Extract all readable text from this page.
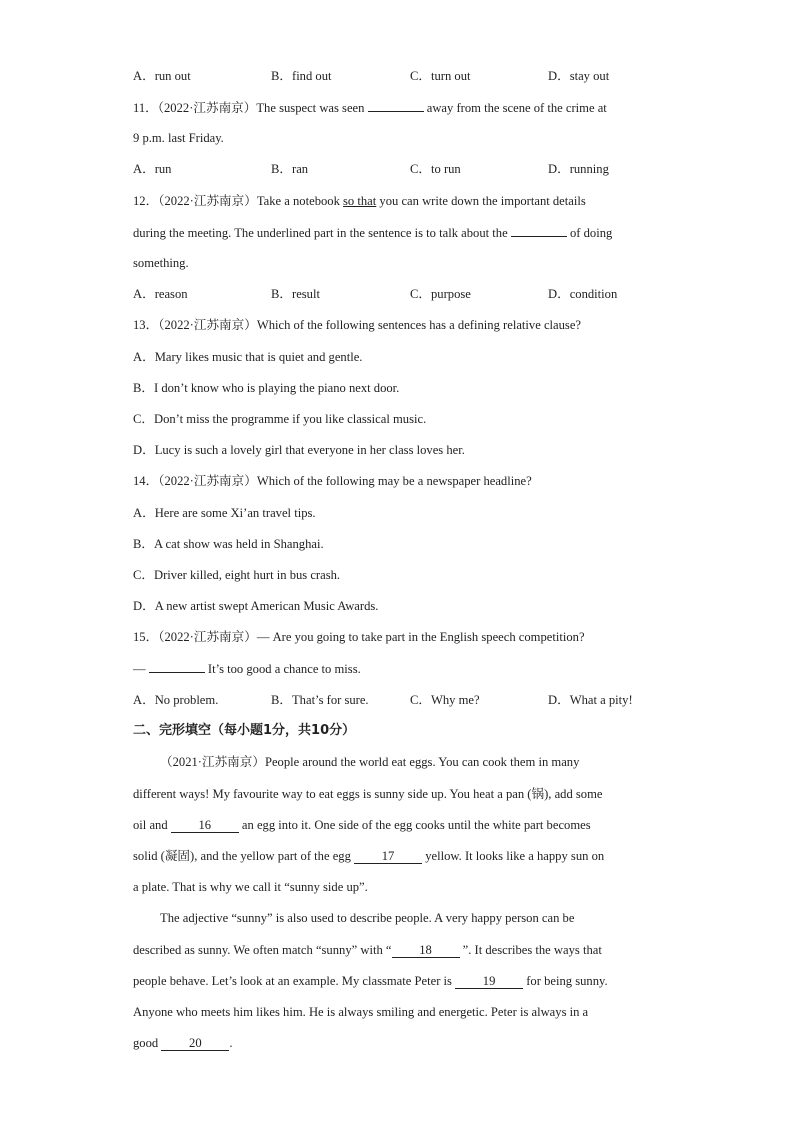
A．run out	B．find out	C．turn out	D．stay out
11．（2022·江苏南京）The suspect was seen	away from the scene of the crime at
9 p.m. last Friday.
A．run	B．ran	C．to run	D．running
12．（2022·江苏南京）Take a notebook so that you can write down the important details
during the meeting. The underlined part in the sentence is to talk about the	of doing
something.
A．reason	B．result	C．purpose	D．condition
13．（2022·江苏南京）Which of the following sentences has a defining relative clause?
A．Mary likes music that is quiet and gentle.
B．I don’t know who is playing the piano next door.
C．Don’t miss the programme if you like classical music.
D．Lucy is such a lovely girl that everyone in her class loves her.
14．（2022·江苏南京）Which of the following may be a newspaper headline?
A．Here are some Xi’an travel tips.
B．A cat show was held in Shanghai.
C．Driver killed, eight hurt in bus crash.
D．A new artist swept American Music Awards.
15．（2022·江苏南京）— Are you going to take part in the English speech competition?
—	It’s too good a chance to miss.
A．No problem.	B．That’s for sure.	C．Why me?	D．What a pity!
二、完形填空（每小题1分，共10分）
（2021·江苏南京）People around the world eat eggs. You can cook them in many
different ways! My favourite way to eat eggs is sunny side up. You heat a pan (锅), add some
oil and 16 an egg into it. One side of the egg cooks until the white part becomes
solid (凝固), and the yellow part of the egg 17 yellow. It looks like a happy sun on
a plate. That is why we call it “sunny side up”.
The adjective “sunny” is also used to describe people. A very happy person can be
described as sunny. We often match “sunny” with “ 18 ”. It describes the ways that
people behave. Let’s look at an example. My classmate Peter is 19 for being sunny.
Anyone who meets him likes him. He is always smiling and energetic. Peter is always in a
good 20 .
